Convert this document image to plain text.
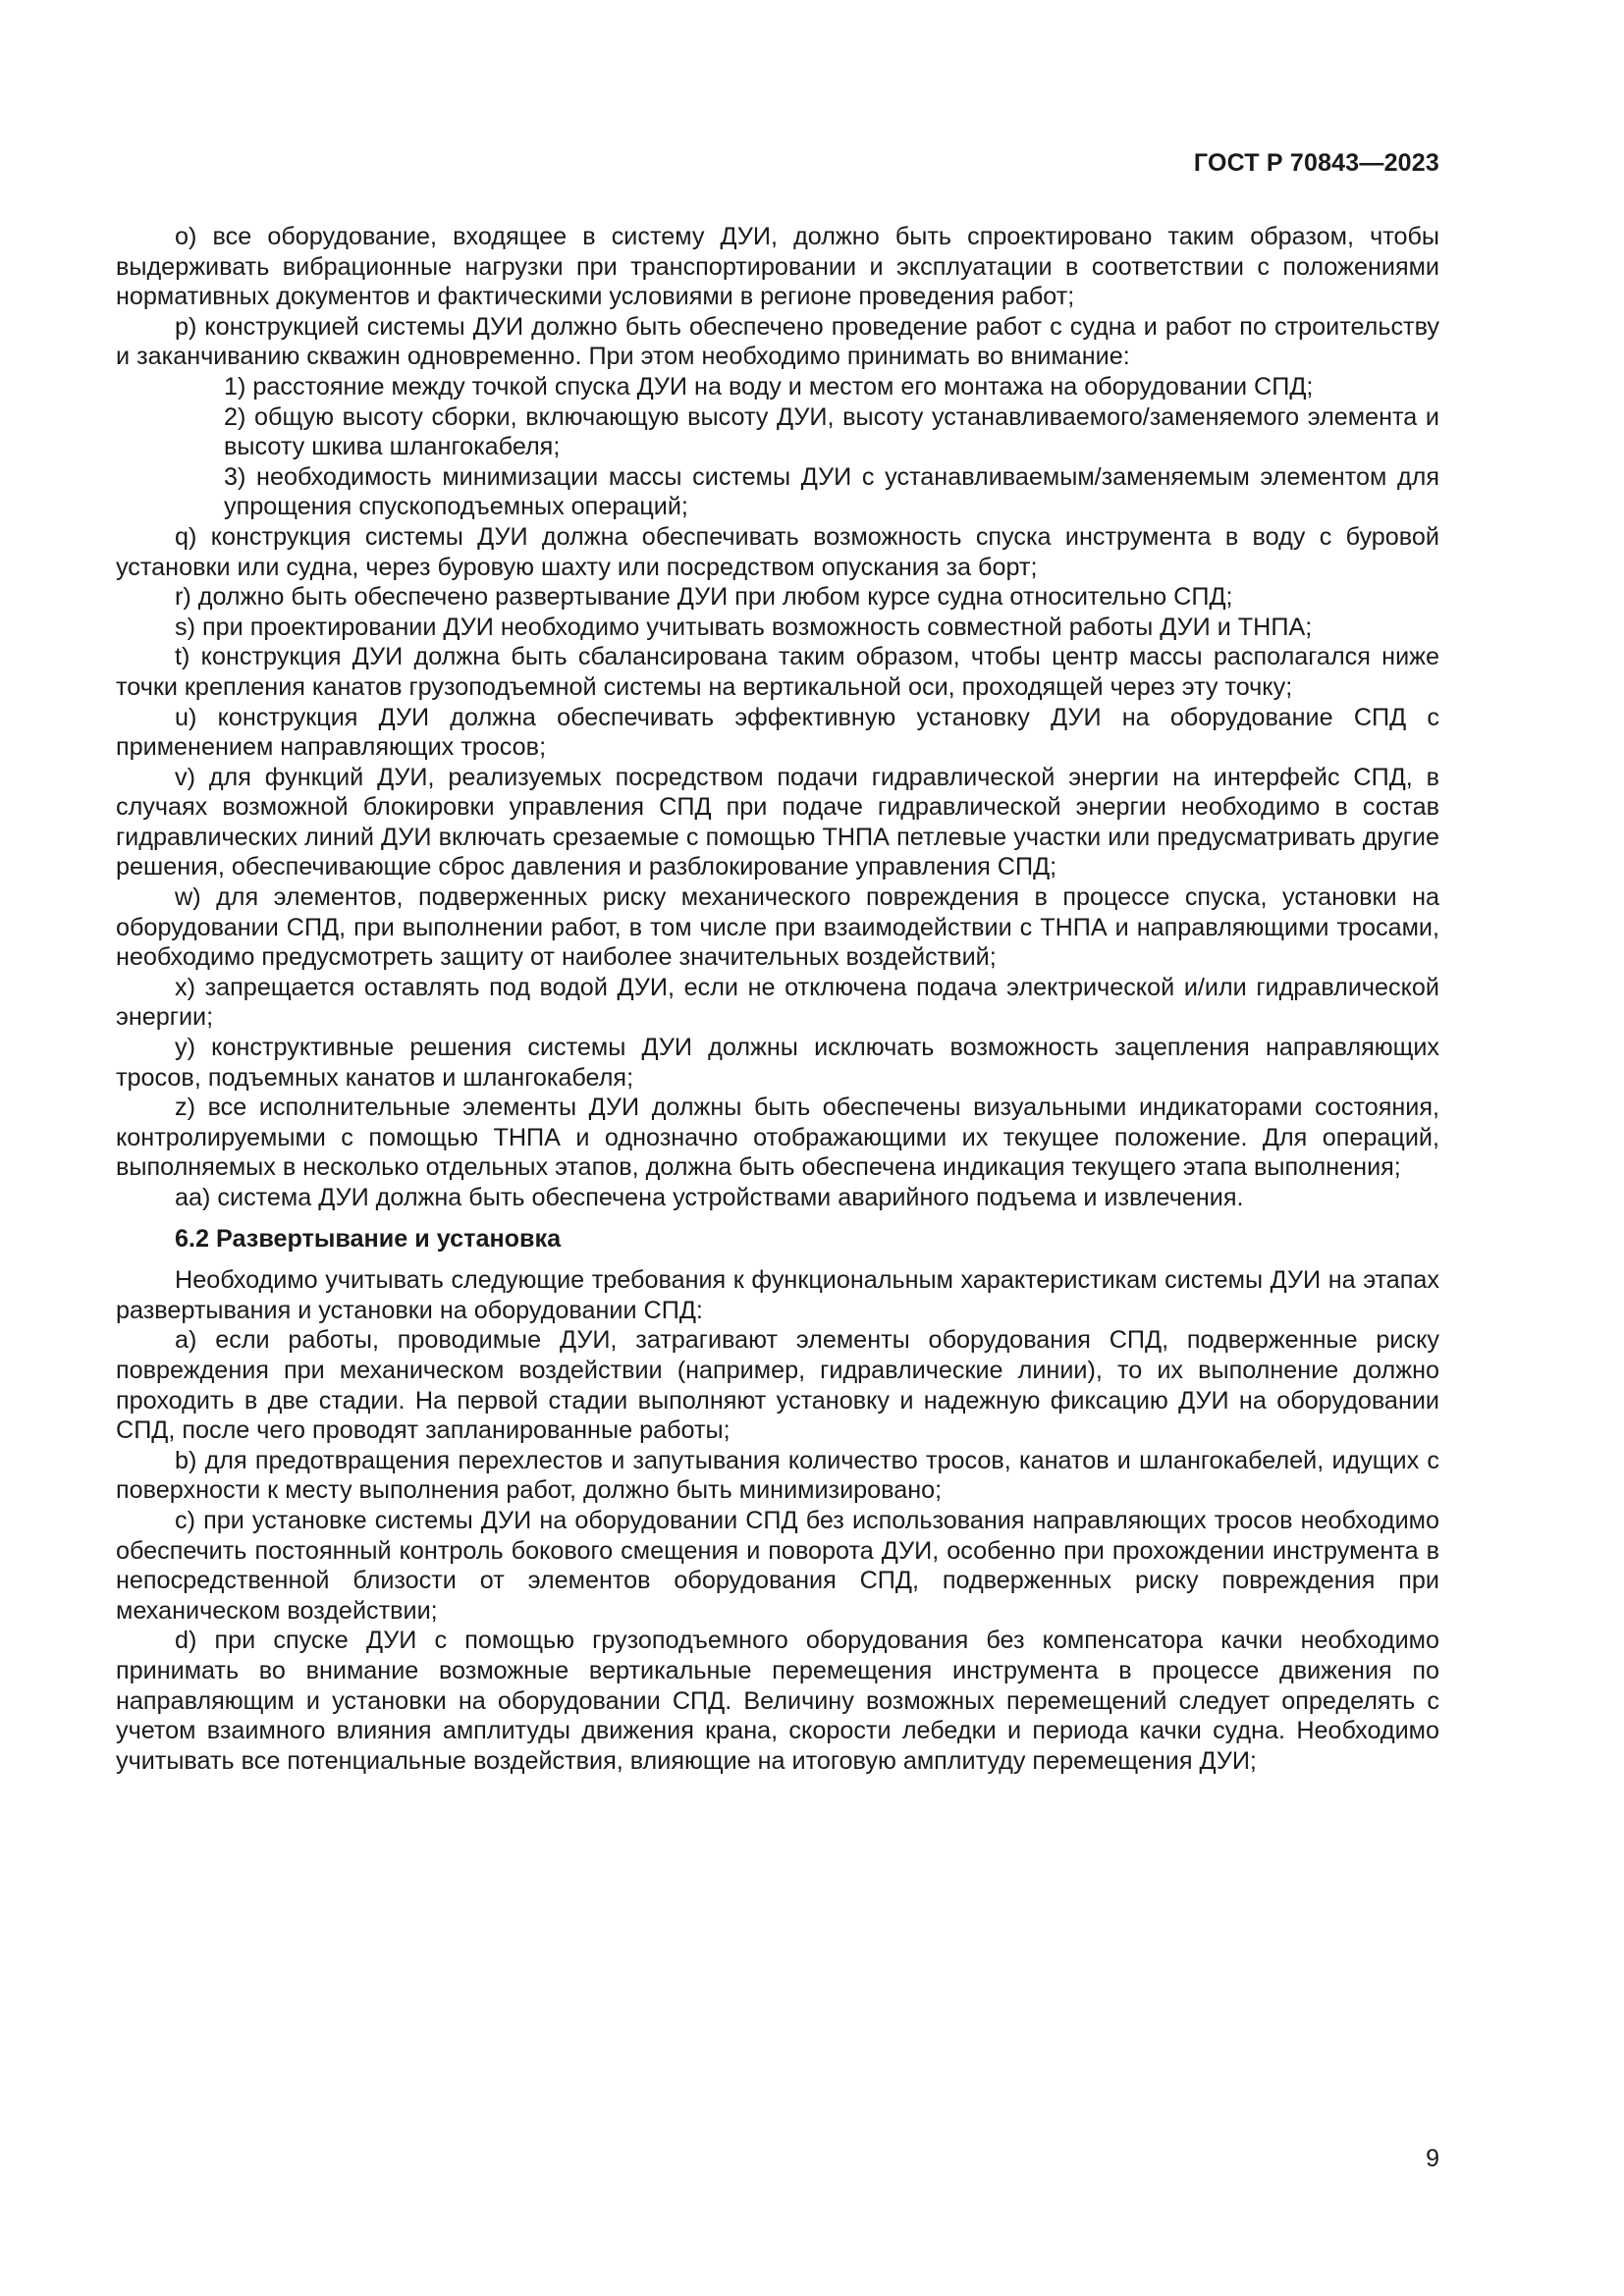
ГОСТ Р 70843—2023

о) все оборудование, входящее в систему ДУИ, должно быть спроектировано таким образом, чтобы выдерживать вибрационные нагрузки при транспортировании и эксплуатации в соответствии с положениями нормативных документов и фактическими условиями в регионе проведения работ;

р) конструкцией системы ДУИ должно быть обеспечено проведение работ с судна и работ по строительству и заканчиванию скважин одновременно. При этом необходимо принимать во внимание:

1) расстояние между точкой спуска ДУИ на воду и местом его монтажа на оборудовании СПД;

2) общую высоту сборки, включающую высоту ДУИ, высоту устанавливаемого/заменяемого элемента и высоту шкива шлангокабеля;

3) необходимость минимизации массы системы ДУИ с устанавливаемым/заменяемым элементом для упрощения спускоподъемных операций;

q) конструкция системы ДУИ должна обеспечивать возможность спуска инструмента в воду с буровой установки или судна, через буровую шахту или посредством опускания за борт;

r) должно быть обеспечено развертывание ДУИ при любом курсе судна относительно СПД;

s) при проектировании ДУИ необходимо учитывать возможность совместной работы ДУИ и ТНПА;

t) конструкция ДУИ должна быть сбалансирована таким образом, чтобы центр массы располагался ниже точки крепления канатов грузоподъемной системы на вертикальной оси, проходящей через эту точку;

u) конструкция ДУИ должна обеспечивать эффективную установку ДУИ на оборудование СПД с применением направляющих тросов;

v) для функций ДУИ, реализуемых посредством подачи гидравлической энергии на интерфейс СПД, в случаях возможной блокировки управления СПД при подаче гидравлической энергии необходимо в состав гидравлических линий ДУИ включать срезаемые с помощью ТНПА петлевые участки или предусматривать другие решения, обеспечивающие сброс давления и разблокирование управления СПД;

w) для элементов, подверженных риску механического повреждения в процессе спуска, установки на оборудовании СПД, при выполнении работ, в том числе при взаимодействии с ТНПА и направляющими тросами, необходимо предусмотреть защиту от наиболее значительных воздействий;

x) запрещается оставлять под водой ДУИ, если не отключена подача электрической и/или гидравлической энергии;

y) конструктивные решения системы ДУИ должны исключать возможность зацепления направляющих тросов, подъемных канатов и шлангокабеля;

z) все исполнительные элементы ДУИ должны быть обеспечены визуальными индикаторами состояния, контролируемыми с помощью ТНПА и однозначно отображающими их текущее положение. Для операций, выполняемых в несколько отдельных этапов, должна быть обеспечена индикация текущего этапа выполнения;

аа) система ДУИ должна быть обеспечена устройствами аварийного подъема и извлечения.

6.2 Развертывание и установка

Необходимо учитывать следующие требования к функциональным характеристикам системы ДУИ на этапах развертывания и установки на оборудовании СПД:

a) если работы, проводимые ДУИ, затрагивают элементы оборудования СПД, подверженные риску повреждения при механическом воздействии (например, гидравлические линии), то их выполнение должно проходить в две стадии. На первой стадии выполняют установку и надежную фиксацию ДУИ на оборудовании СПД, после чего проводят запланированные работы;

b) для предотвращения перехлестов и запутывания количество тросов, канатов и шлангокабелей, идущих с поверхности к месту выполнения работ, должно быть минимизировано;

c) при установке системы ДУИ на оборудовании СПД без использования направляющих тросов необходимо обеспечить постоянный контроль бокового смещения и поворота ДУИ, особенно при прохождении инструмента в непосредственной близости от элементов оборудования СПД, подверженных риску повреждения при механическом воздействии;

d) при спуске ДУИ с помощью грузоподъемного оборудования без компенсатора качки необходимо принимать во внимание возможные вертикальные перемещения инструмента в процессе движения по направляющим и установки на оборудовании СПД. Величину возможных перемещений следует определять с учетом взаимного влияния амплитуды движения крана, скорости лебедки и периода качки судна. Необходимо учитывать все потенциальные воздействия, влияющие на итоговую амплитуду перемещения ДУИ;

9
